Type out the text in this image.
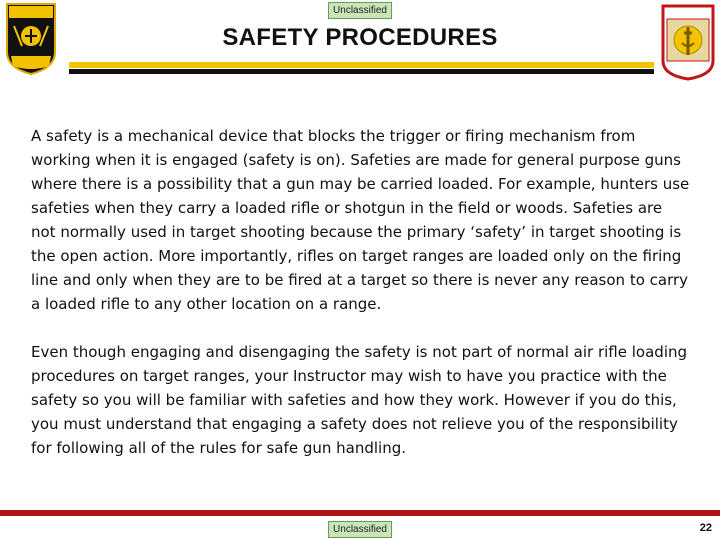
Unclassified
SAFETY PROCEDURES

A safety is a mechanical device that blocks the trigger or firing mechanism from working when it is engaged (safety is on). Safeties are made for general purpose guns where there is a possibility that a gun may be carried loaded. For example, hunters use safeties when they carry a loaded rifle or shotgun in the field or woods. Safeties are not normally used in target shooting because the primary ‘safety’ in target shooting is the open action. More importantly, rifles on target ranges are loaded only on the firing line and only when they are to be fired at a target so there is never any reason to carry a loaded rifle to any other location on a range.

Even though engaging and disengaging the safety is not part of normal air rifle loading procedures on target ranges, your Instructor may wish to have you practice with the safety so you will be familiar with safeties and how they work. However if you do this, you must understand that engaging a safety does not relieve you of the responsibility for following all of the rules for safe gun handling.

Unclassified	22
